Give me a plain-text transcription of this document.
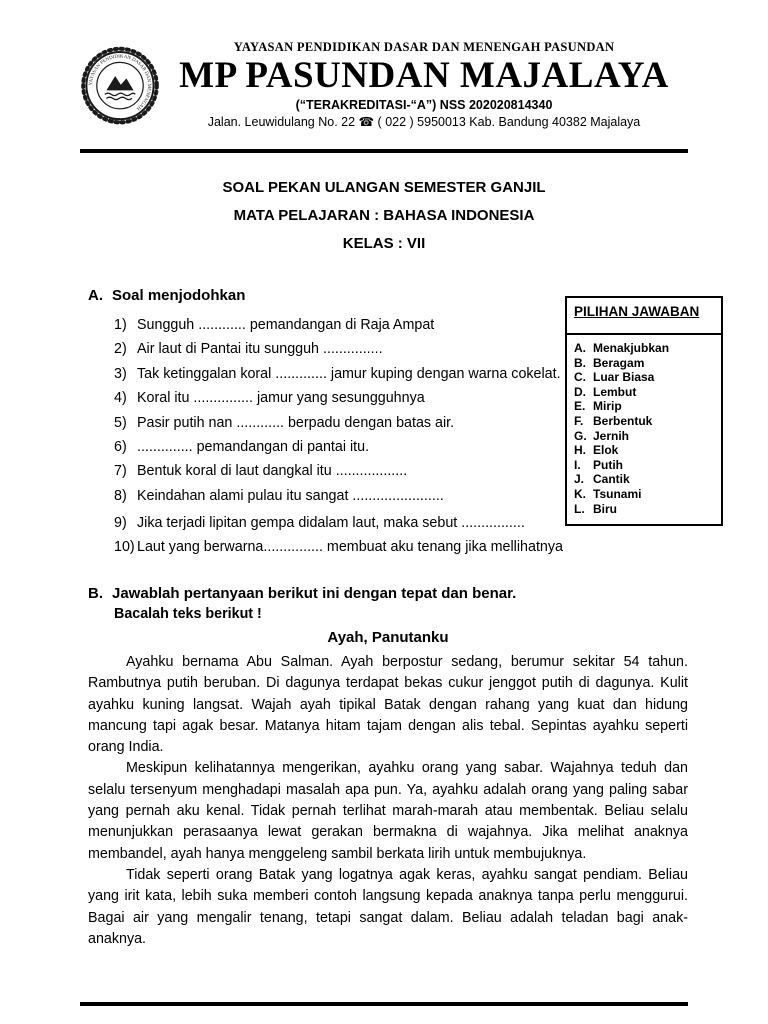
YAYASAN PENDIDIKAN DASAR DAN MENENGAH
PASUNDAN
YAYASAN PENDIDIKAN DASAR DAN MENENGAH PASUNDAN
MP PASUNDAN MAJALAYA
(“TERAKREDITASI-“A”) NSS 202020814340
Jalan. Leuwidulang No. 22 ☎ ( 022 ) 5950013 Kab. Bandung 40382 Majalaya
SOAL PEKAN ULANGAN SEMESTER GANJIL
MATA PELAJARAN : BAHASA INDONESIA
KELAS : VII
A. Soal menjodohkan
1) Sungguh ............ pemandangan di Raja Ampat
2) Air laut di Pantai itu sungguh ...............
3) Tak ketinggalan koral ............. jamur kuping dengan warna cokelat.
4) Koral itu ............... jamur yang sesungguhnya
5) Pasir putih nan ............ berpadu dengan batas air.
6) .............. pemandangan di pantai itu.
7) Bentuk koral di laut dangkal itu ..................
8) Keindahan alami pulau itu sangat .......................
9) Jika terjadi lipitan gempa didalam laut, maka sebut ................
10) Laut yang berwarna............... membuat aku tenang jika mellihatnya
PILIHAN JAWABAN
A. Menakjubkan
B. Beragam
C. Luar Biasa
D. Lembut
E. Mirip
F. Berbentuk
G. Jernih
H. Elok
I.	Putih
J. Cantik
K. Tsunami
L. Biru
B. Jawablah pertanyaan berikut ini dengan tepat dan benar.
Bacalah teks berikut !
Ayah, Panutanku

Ayahku bernama Abu Salman. Ayah berpostur sedang, berumur sekitar 54 tahun. Rambutnya putih beruban. Di dagunya terdapat bekas cukur jenggot putih di dagunya. Kulit ayahku kuning langsat. Wajah ayah tipikal Batak dengan rahang yang kuat dan hidung mancung tapi agak besar. Matanya hitam tajam dengan alis tebal. Sepintas ayahku seperti orang India.

Meskipun kelihatannya mengerikan, ayahku orang yang sabar. Wajahnya teduh dan selalu tersenyum menghadapi masalah apa pun. Ya, ayahku adalah orang yang paling sabar yang pernah aku kenal. Tidak pernah terlihat marah-marah atau membentak. Beliau selalu menunjukkan perasaanya lewat gerakan bermakna di wajahnya. Jika melihat anaknya membandel, ayah hanya menggeleng sambil berkata lirih untuk membujuknya.

Tidak seperti orang Batak yang logatnya agak keras, ayahku sangat pendiam. Beliau yang irit kata, lebih suka memberi contoh langsung kepada anaknya tanpa perlu menggurui. Bagai air yang mengalir tenang, tetapi sangat dalam. Beliau adalah teladan bagi anak-anaknya.
